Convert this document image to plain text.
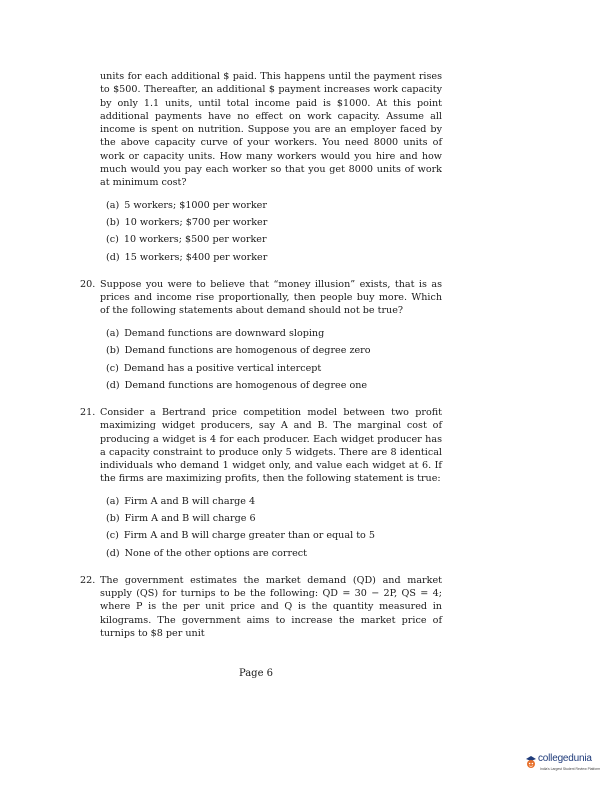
units for each additional $ paid. This happens until the payment rises to $500. Thereafter, an additional $ payment increases work capacity by only 1.1 units, until total income paid is $1000. At this point additional payments have no effect on work capacity. Assume all income is spent on nutrition. Suppose you are an employer faced by the above capacity curve of your workers. You need 8000 units of work or capacity units. How many workers would you hire and how much would you pay each worker so that you get 8000 units of work at minimum cost?

(a) 5 workers; $1000 per worker
(b) 10 workers; $700 per worker
(c) 10 workers; $500 per worker
(d) 15 workers; $400 per worker
20. Suppose you were to believe that “money illusion” exists, that is as prices and income rise proportionally, then people buy more. Which of the following statements about demand should not be true?

(a) Demand functions are downward sloping
(b) Demand functions are homogenous of degree zero
(c) Demand has a positive vertical intercept
(d) Demand functions are homogenous of degree one
21. Consider a Bertrand price competition model between two profit maximizing widget producers, say A and B. The marginal cost of producing a widget is 4 for each producer. Each widget producer has a capacity constraint to produce only 5 widgets. There are 8 identical individuals who demand 1 widget only, and value each widget at 6. If the firms are maximizing profits, then the following statement is true:

(a) Firm A and B will charge 4
(b) Firm A and B will charge 6
(c) Firm A and B will charge greater than or equal to 5
(d) None of the other options are correct
22. The government estimates the market demand (QD) and market supply (QS) for turnips to be the following: QD = 30 − 2P, QS = 4; where P is the per unit price and Q is the quantity measured in kilograms. The government aims to increase the market price of turnips to $8 per unit

Page 6
collegedunia
India's Largest Student Review Platform
